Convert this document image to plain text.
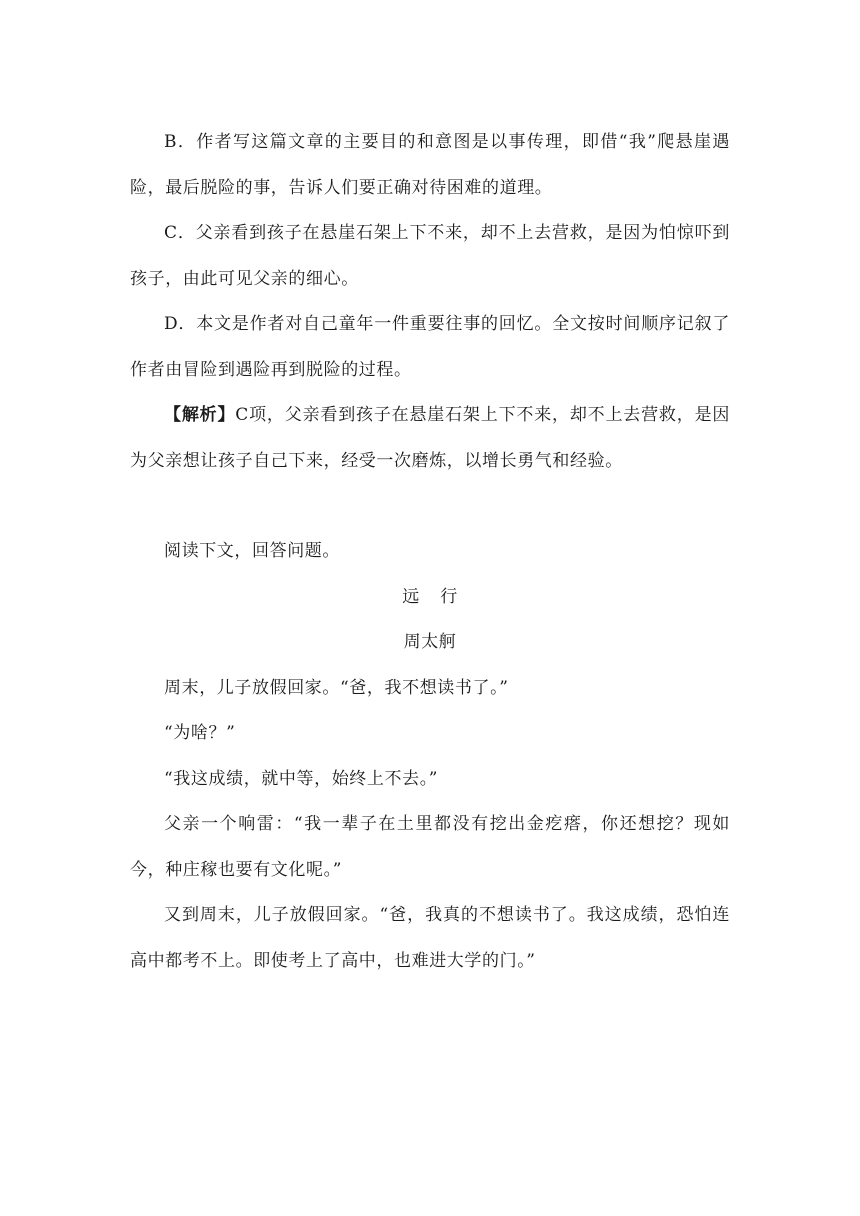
B．作者写这篇文章的主要目的和意图是以事传理，即借“我”爬悬崖遇险，最后脱险的事，告诉人们要正确对待困难的道理。

C．父亲看到孩子在悬崖石架上下不来，却不上去营救，是因为怕惊吓到孩子，由此可见父亲的细心。

D．本文是作者对自己童年一件重要往事的回忆。全文按时间顺序记叙了作者由冒险到遇险再到脱险的过程。

【解析】C项，父亲看到孩子在悬崖石架上下不来，却不上去营救，是因为父亲想让孩子自己下来，经受一次磨炼，以增长勇气和经验。

阅读下文，回答问题。

远 行

周太舸

周末，儿子放假回家。“爸，我不想读书了。”

“为啥？”

“我这成绩，就中等，始终上不去。”

父亲一个响雷：“我一辈子在土里都没有挖出金疙瘩，你还想挖？现如今，种庄稼也要有文化呢。”

又到周末，儿子放假回家。“爸，我真的不想读书了。我这成绩，恐怕连高中都考不上。即使考上了高中，也难进大学的门。”
